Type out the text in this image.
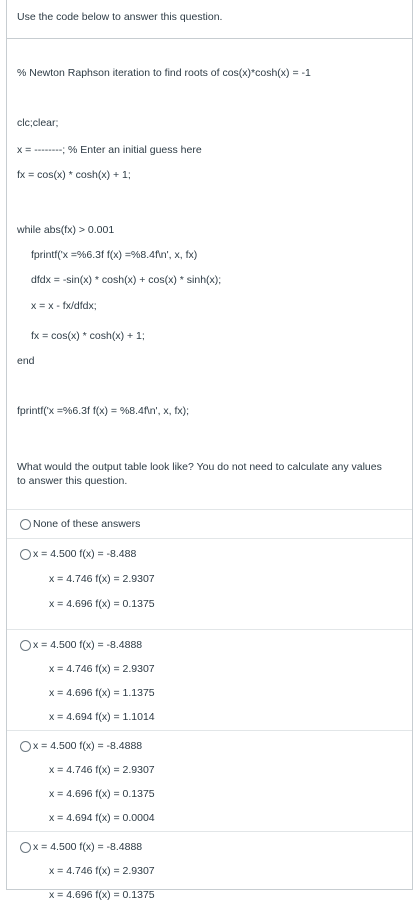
Use the code below to answer this question.
% Newton Raphson iteration to find roots of cos(x)*cosh(x) = -1
clc;clear;
x = --------; % Enter an initial guess here
fx = cos(x) * cosh(x) + 1;
while abs(fx) > 0.001
fprintf('x =%6.3f f(x) =%8.4f\n', x, fx)
dfdx = -sin(x) * cosh(x) + cos(x) * sinh(x);
x = x - fx/dfdx;
fx = cos(x) * cosh(x) + 1;
end
fprintf('x =%6.3f f(x) = %8.4f\n', x, fx);
What would the output table look like? You do not need to calculate any values to answer this question.
None of these answers
x = 4.500 f(x) = -8.488
x = 4.746 f(x) = 2.9307
x = 4.696 f(x) = 0.1375
x = 4.500 f(x) = -8.4888
x = 4.746 f(x) = 2.9307
x = 4.696 f(x) = 1.1375
x = 4.694 f(x) = 1.1014
x = 4.500 f(x) = -8.4888
x = 4.746 f(x) = 2.9307
x = 4.696 f(x) = 0.1375
x = 4.694 f(x) = 0.0004
x = 4.500 f(x) = -8.4888
x = 4.746 f(x) = 2.9307
x = 4.696 f(x) = 0.1375
